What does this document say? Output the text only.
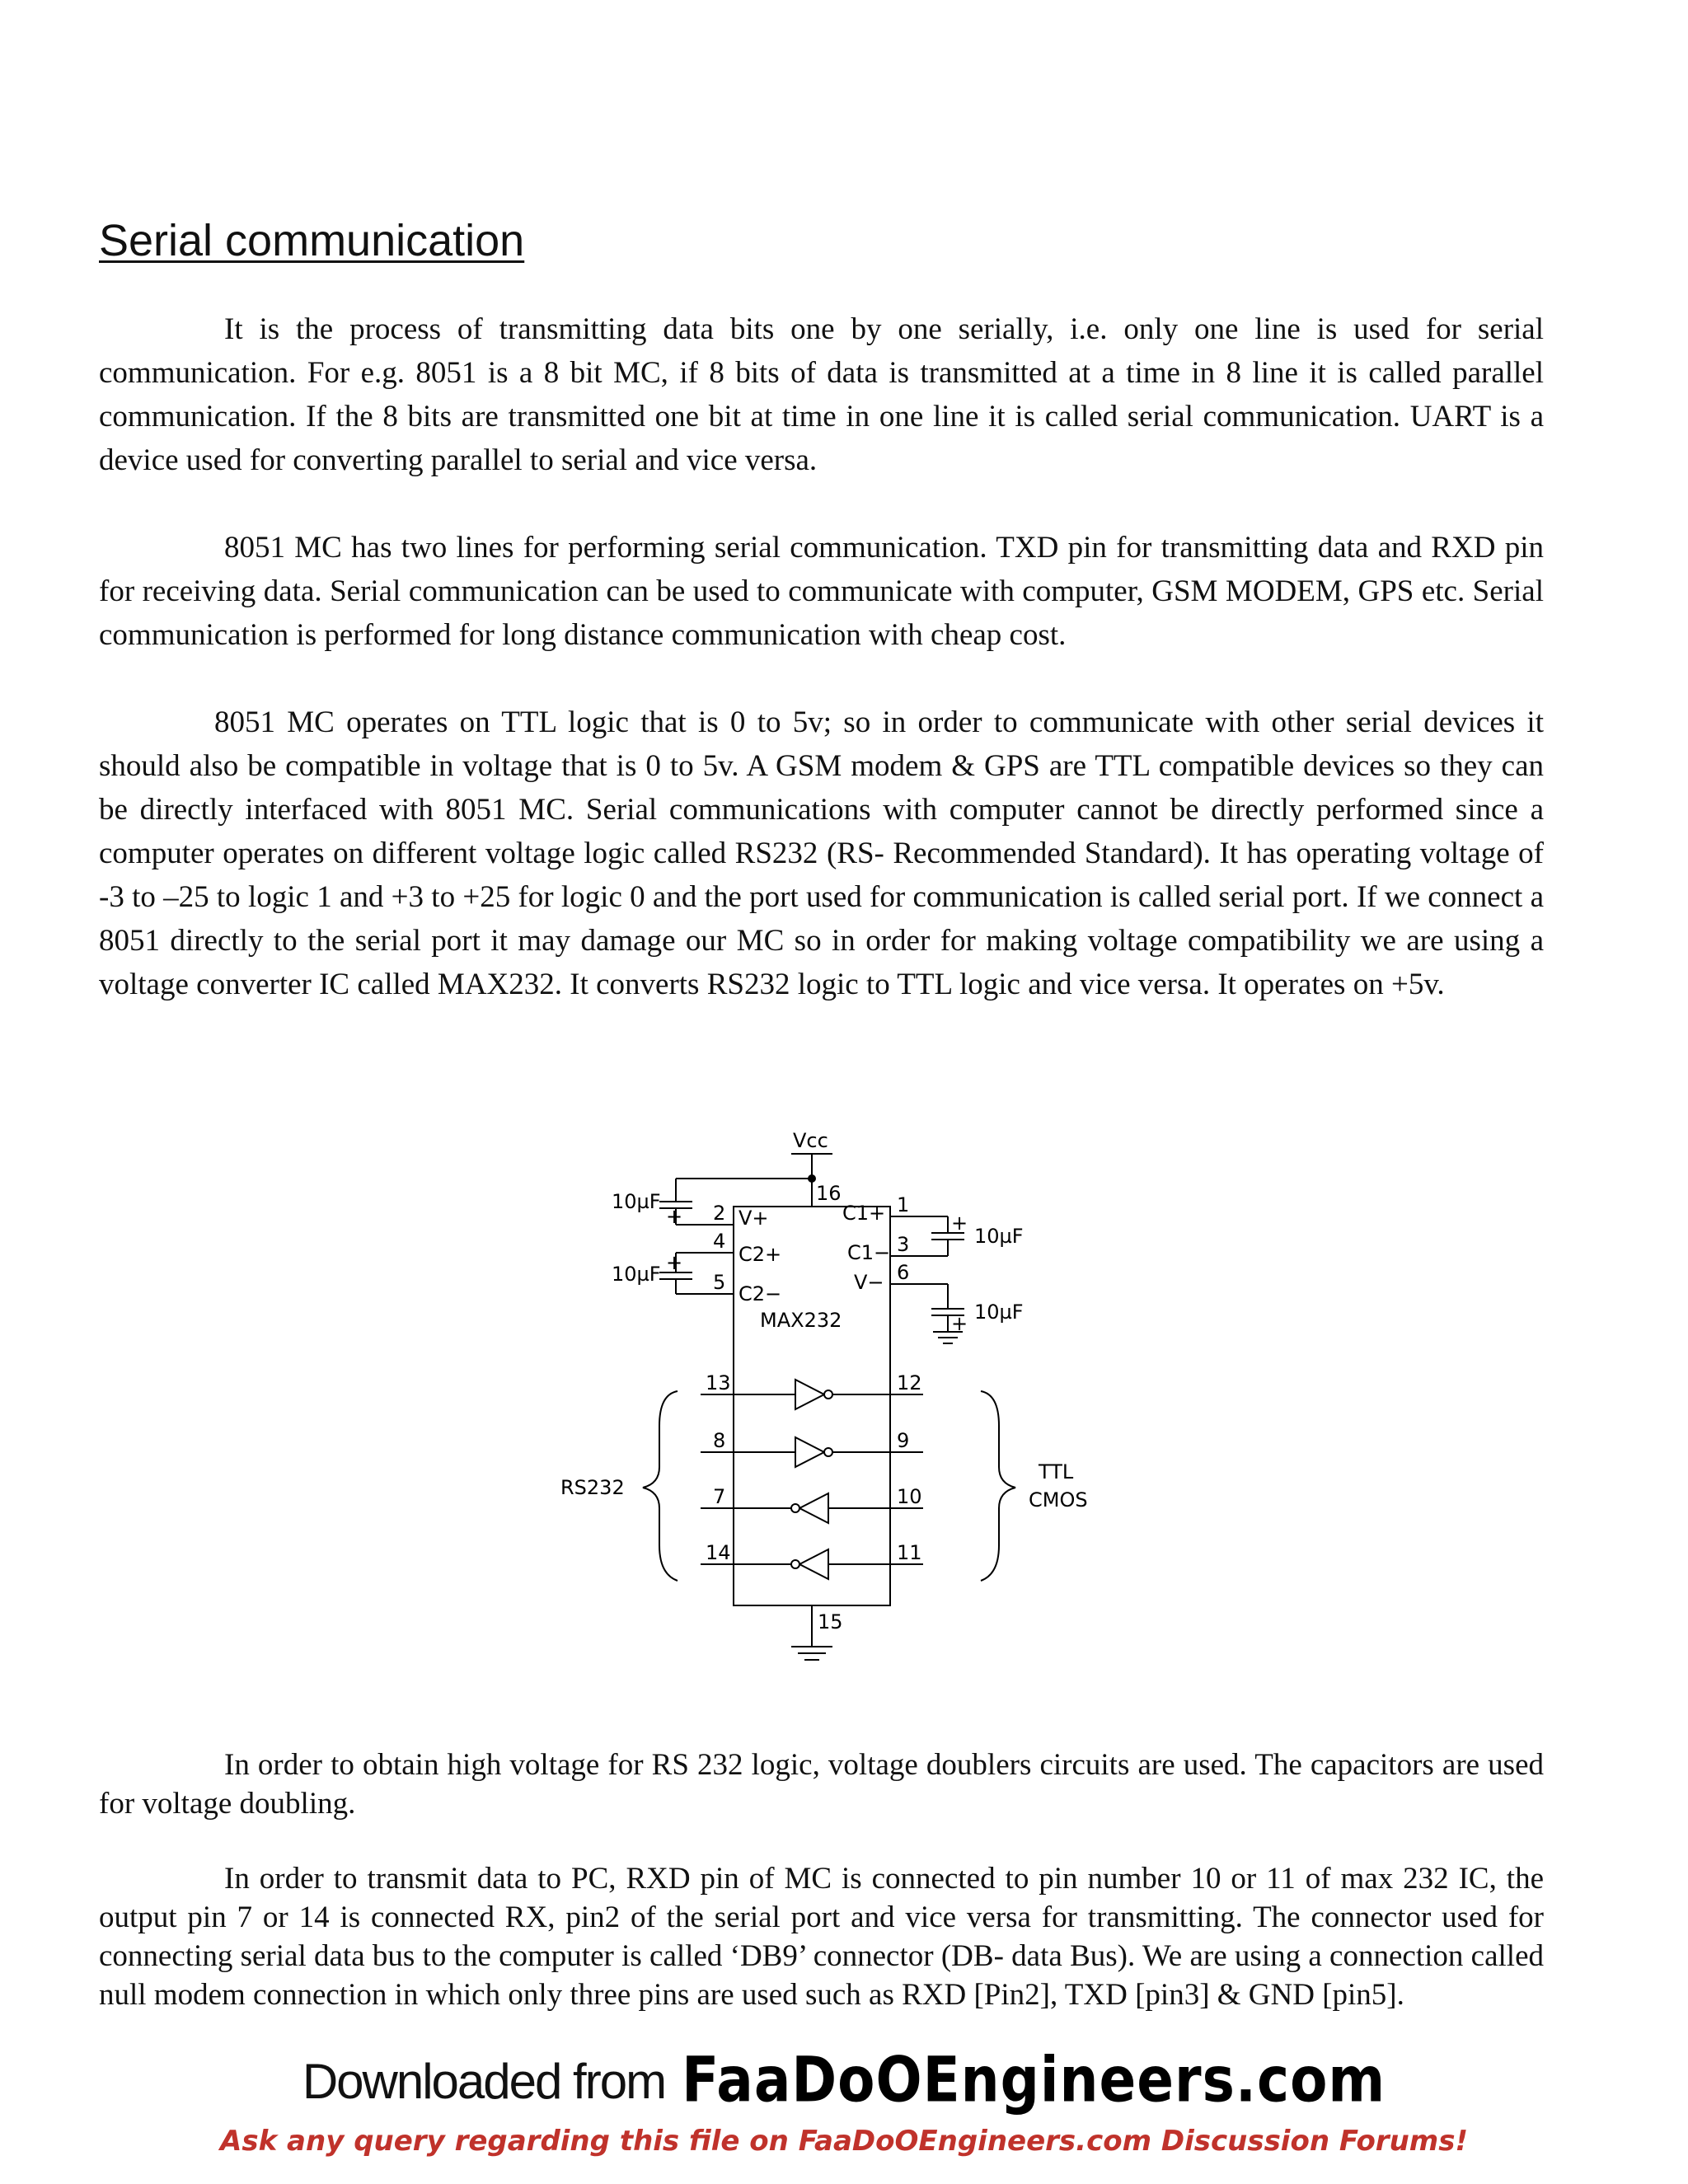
Serial communication

It is the process of transmitting data bits one by one serially, i.e. only one line is used for serial communication. For e.g. 8051 is a 8 bit MC, if 8 bits of data is transmitted at a time in 8 line it is called parallel communication. If the 8 bits are transmitted one bit at time in one line it is called serial communication. UART is a device used for converting parallel to serial and vice versa.

8051 MC has two lines for performing serial communication. TXD pin for transmitting data and RXD pin for receiving data. Serial communication can be used to communicate with computer, GSM MODEM, GPS etc. Serial communication is performed for long distance communication with cheap cost.

8051 MC operates on TTL logic that is 0 to 5v; so in order to communicate with other serial devices it should also be compatible in voltage that is 0 to 5v. A GSM modem & GPS are TTL compatible devices so they can be directly interfaced with 8051 MC. Serial communications with computer cannot be directly performed since a computer operates on different voltage logic called RS232 (RS- Recommended Standard). It has operating voltage of -3 to –25 to logic 1 and +3 to +25 for logic 0 and the port used for communication is called serial port. If we connect a 8051 directly to the serial port it may damage our MC so in order for making voltage compatibility we are using a voltage converter IC called MAX232. It converts RS232 logic to TTL logic and vice versa. It operates on +5v.

Vcc
16
2
4
5
1
3
6
V+
C2+
C2−
C1+
C1−
V−
MAX232
10µF
10µF
10µF
10µF
+
+
+
+
13	12
8	9
7	10
14	11
15
RS232
TTL
CMOS

In order to obtain high voltage for RS 232 logic, voltage doublers circuits are used. The capacitors are used for voltage doubling.

In order to transmit data to PC, RXD pin of MC is connected to pin number 10 or 11 of max 232 IC, the output pin 7 or 14 is connected RX, pin2 of the serial port and vice versa for transmitting. The connector used for connecting serial data bus to the computer is called ‘DB9’ connector (DB- data Bus). We are using a connection called null modem connection in which only three pins are used such as RXD [Pin2], TXD [pin3] & GND [pin5].

Downloaded from FaaDoOEngineers.com
Ask any query regarding this file on FaaDoOEngineers.com Discussion Forums!
